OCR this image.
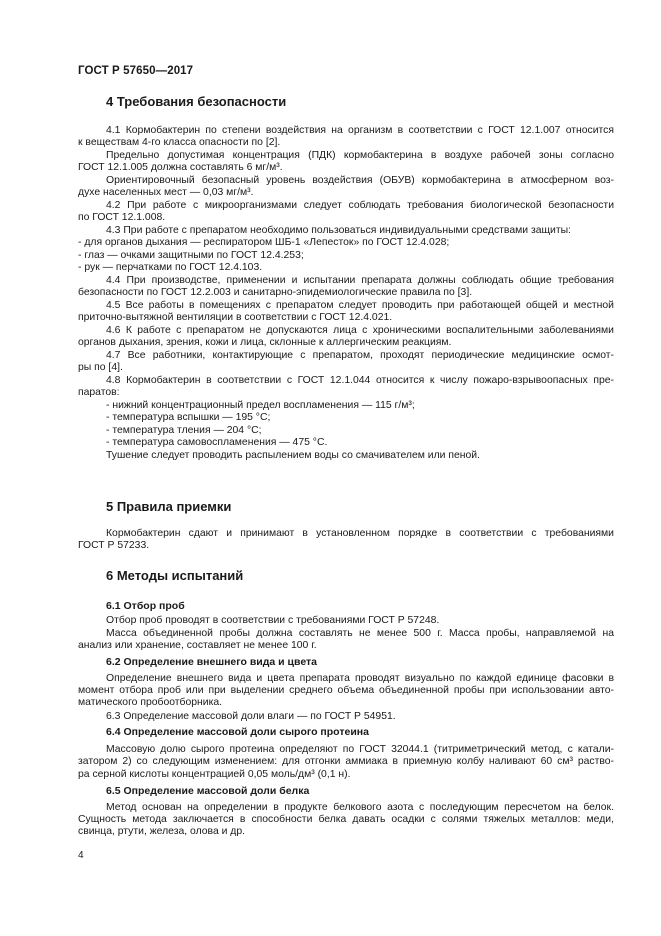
ГОСТ Р 57650—2017
4 Требования безопасности
4.1 Кормобактерин по степени воздействия на организм в соответствии с ГОСТ 12.1.007 относится
к веществам 4-го класса опасности по [2].
Предельно допустимая концентрация (ПДК) кормобактерина в воздухе рабочей зоны согласно
ГОСТ 12.1.005 должна составлять 6 мг/м³.
Ориентировочный безопасный уровень воздействия (ОБУВ) кормобактерина в атмосферном воз-
духе населенных мест — 0,03 мг/м³.
4.2 При работе с микроорганизмами следует соблюдать требования биологической безопасности
по ГОСТ 12.1.008.
4.3 При работе с препаратом необходимо пользоваться индивидуальными средствами защиты:
- для органов дыхания — респиратором ШБ-1 «Лепесток» по ГОСТ 12.4.028;
- глаз — очками защитными по ГОСТ 12.4.253;
- рук — перчатками по ГОСТ 12.4.103.
4.4 При производстве, применении и испытании препарата должны соблюдать общие требования
безопасности по ГОСТ 12.2.003 и санитарно-эпидемиологические правила по [3].
4.5 Все работы в помещениях с препаратом следует проводить при работающей общей и местной
приточно-вытяжной вентиляции в соответствии с ГОСТ 12.4.021.
4.6 К работе с препаратом не допускаются лица с хроническими воспалительными заболеваниями
органов дыхания, зрения, кожи и лица, склонные к аллергическим реакциям.
4.7 Все работники, контактирующие с препаратом, проходят периодические медицинские осмот-
ры по [4].
4.8 Кормобактерин в соответствии с ГОСТ 12.1.044 относится к числу пожаро-взрывоопасных пре-
паратов:
- нижний концентрационный предел воспламенения — 115 г/м³;
- температура вспышки — 195 °C;
- температура тления — 204 °C;
- температура самовоспламенения — 475 °C.
Тушение следует проводить распылением воды со смачивателем или пеной.
5 Правила приемки
Кормобактерин сдают и принимают в установленном порядке в соответствии с требованиями
ГОСТ Р 57233.
6 Методы испытаний
6.1 Отбор проб
Отбор проб проводят в соответствии с требованиями ГОСТ Р 57248.
Масса объединенной пробы должна составлять не менее 500 г. Масса пробы, направляемой на
анализ или хранение, составляет не менее 100 г.
6.2 Определение внешнего вида и цвета
Определение внешнего вида и цвета препарата проводят визуально по каждой единице фасовки в
момент отбора проб или при выделении среднего объема объединенной пробы при использовании авто-
матического пробоотборника.
6.3 Определение массовой доли влаги — по ГОСТ Р 54951.
6.4 Определение массовой доли сырого протеина
Массовую долю сырого протеина определяют по ГОСТ 32044.1 (титриметрический метод, с катали-
затором 2) со следующим изменением: для отгонки аммиака в приемную колбу наливают 60 см³ раство-
ра серной кислоты концентрацией 0,05 моль/дм³ (0,1 н).
6.5 Определение массовой доли белка
Метод основан на определении в продукте белкового азота с последующим пересчетом на белок.
Сущность метода заключается в способности белка давать осадки с солями тяжелых металлов: меди,
свинца, ртути, железа, олова и др.
4
